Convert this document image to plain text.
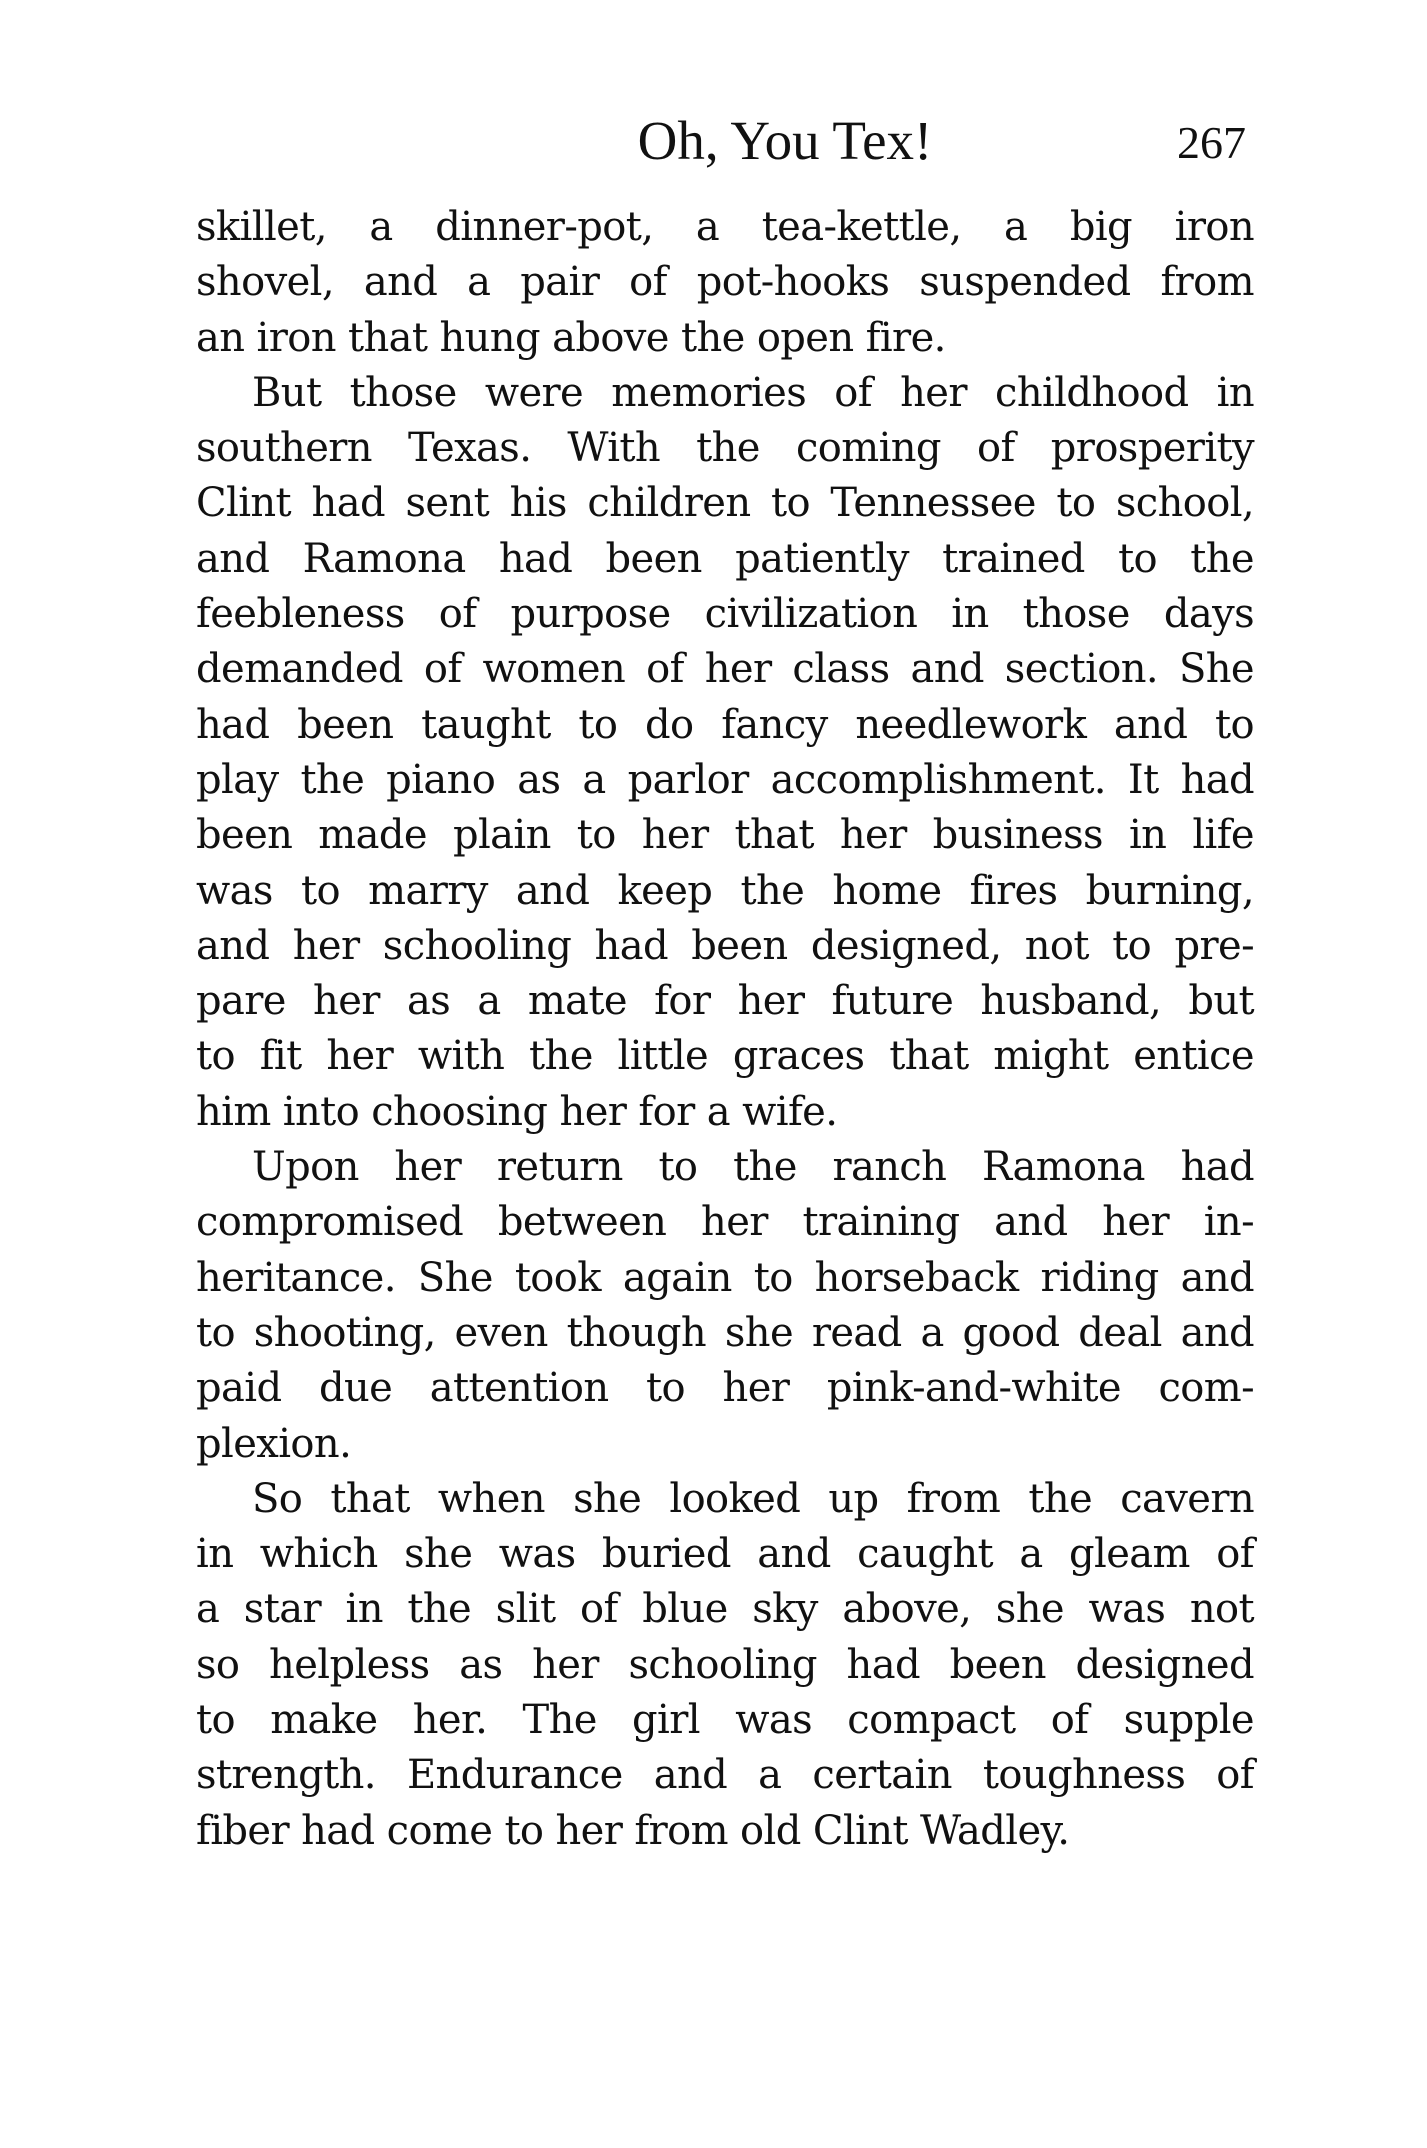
Oh, You Tex!	267
skillet, a dinner-pot, a tea-kettle, a big iron
shovel, and a pair of pot-hooks suspended from
an iron that hung above the open fire.
But those were memories of her childhood in
southern Texas. With the coming of prosperity
Clint had sent his children to Tennessee to school,
and Ramona had been patiently trained to the
feebleness of purpose civilization in those days
demanded of women of her class and section. She
had been taught to do fancy needlework and to
play the piano as a parlor accomplishment. It had
been made plain to her that her business in life
was to marry and keep the home fires burning,
and her schooling had been designed, not to pre-
pare her as a mate for her future husband, but
to fit her with the little graces that might entice
him into choosing her for a wife.
Upon her return to the ranch Ramona had
compromised between her training and her in-
heritance. She took again to horseback riding and
to shooting, even though she read a good deal and
paid due attention to her pink-and-white com-
plexion.
So that when she looked up from the cavern
in which she was buried and caught a gleam of
a star in the slit of blue sky above, she was not
so helpless as her schooling had been designed
to make her. The girl was compact of supple
strength. Endurance and a certain toughness of
fiber had come to her from old Clint Wadley.
